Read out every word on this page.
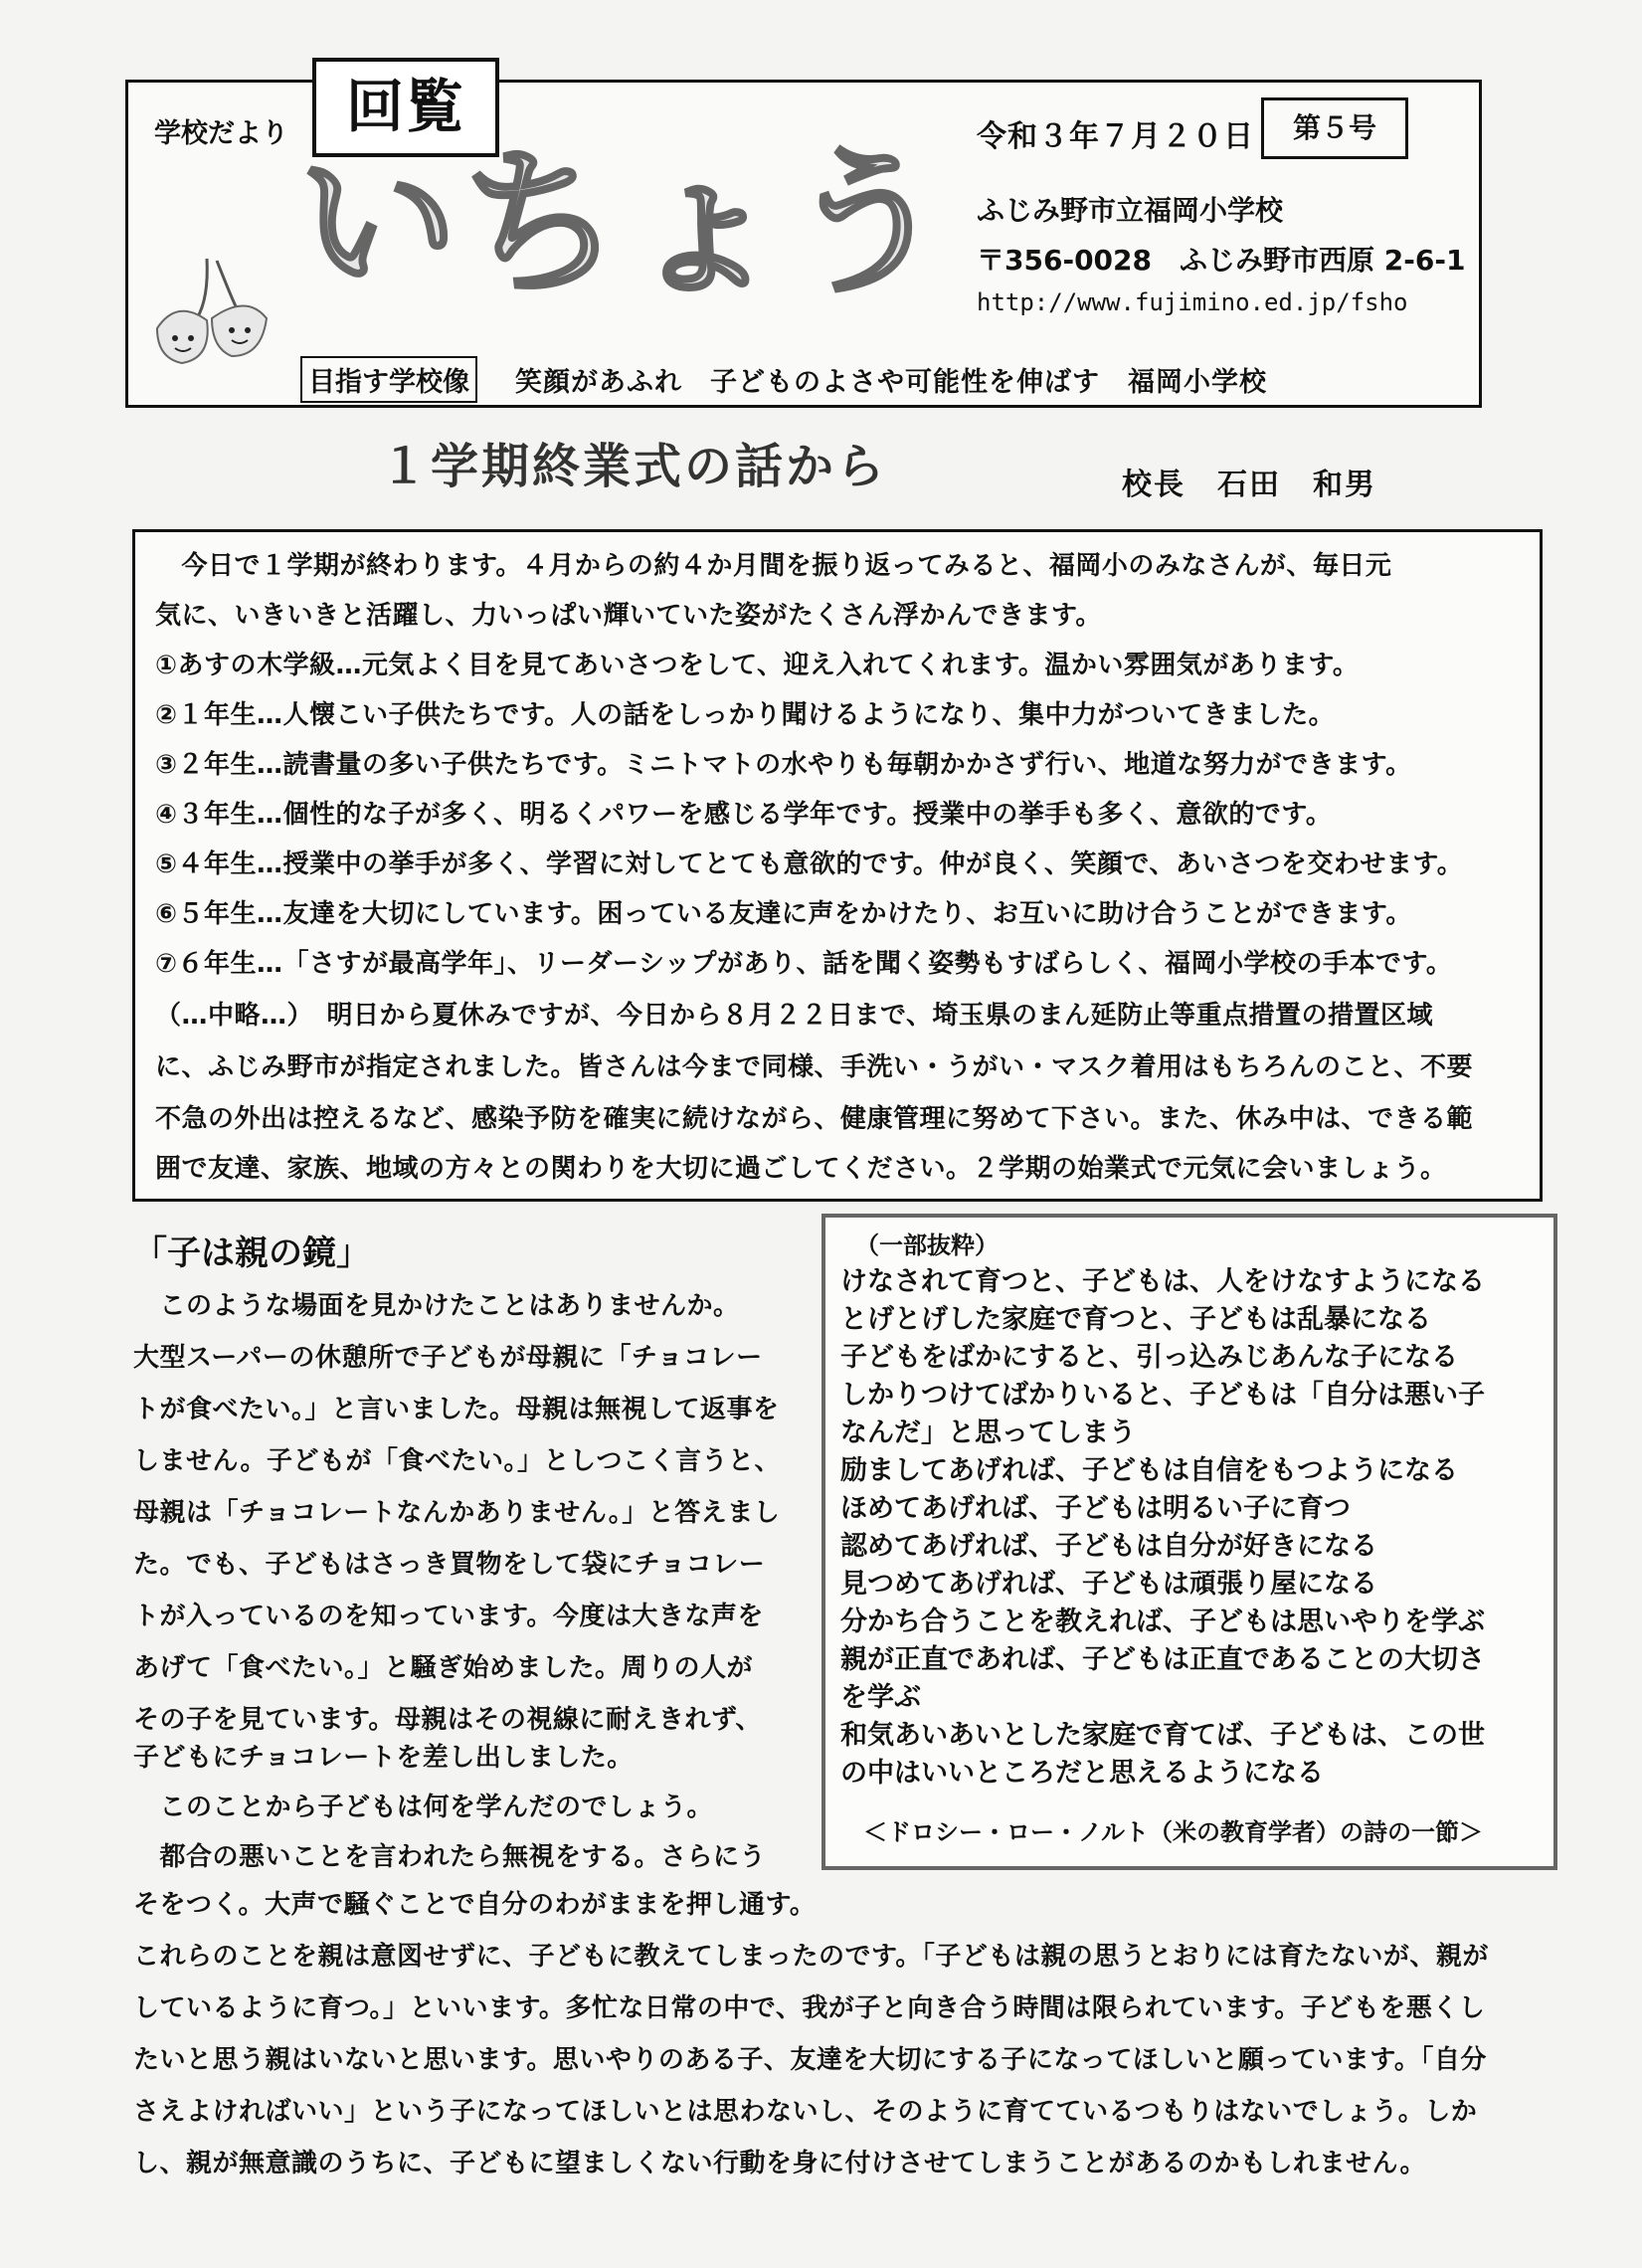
学校だより 回覧
いちょう 令和３年７月２０日	第５号
ふじみ野市立福岡小学校
〒356-0028　ふじみ野市西原 2-6-1
http://www.fujimino.ed.jp/fsho
目指す学校像 笑顔があふれ　子どものよさや可能性を伸ばす　福岡小学校
１学期終業式の話から	校長　石田　和男
　今日で１学期が終わります。４月からの約４か月間を振り返ってみると、福岡小のみなさんが、毎日元
気に、いきいきと活躍し、力いっぱい輝いていた姿がたくさん浮かんできます。
①あすの木学級…元気よく目を見てあいさつをして、迎え入れてくれます。温かい雰囲気があります。
②１年生…人懐こい子供たちです。人の話をしっかり聞けるようになり、集中力がついてきました。
③２年生…読書量の多い子供たちです。ミニトマトの水やりも毎朝かかさず行い、地道な努力ができます。
④３年生…個性的な子が多く、明るくパワーを感じる学年です。授業中の挙手も多く、意欲的です。
⑤４年生…授業中の挙手が多く、学習に対してとても意欲的です。仲が良く、笑顔で、あいさつを交わせます。
⑥５年生…友達を大切にしています。困っている友達に声をかけたり、お互いに助け合うことができます。
⑦６年生…「さすが最高学年」、リーダーシップがあり、話を聞く姿勢もすばらしく、福岡小学校の手本です。
（…中略…）　明日から夏休みですが、今日から８月２２日まで、埼玉県のまん延防止等重点措置の措置区域
に、ふじみ野市が指定されました。皆さんは今まで同様、手洗い・うがい・マスク着用はもちろんのこと、不要
不急の外出は控えるなど、感染予防を確実に続けながら、健康管理に努めて下さい。また、休み中は、できる範
囲で友達、家族、地域の方々との関わりを大切に過ごしてください。２学期の始業式で元気に会いましょう。
「子は親の鏡」
　このような場面を見かけたことはありませんか。
大型スーパーの休憩所で子どもが母親に「チョコレー
トが食べたい。」と言いました。母親は無視して返事を
しません。子どもが「食べたい。」としつこく言うと、
母親は「チョコレートなんかありません。」と答えまし
た。でも、子どもはさっき買物をして袋にチョコレー
トが入っているのを知っています。今度は大きな声を
あげて「食べたい。」と騒ぎ始めました。周りの人が
その子を見ています。母親はその視線に耐えきれず、
子どもにチョコレートを差し出しました。
　このことから子どもは何を学んだのでしょう。
　都合の悪いことを言われたら無視をする。さらにう
そをつく。大声で騒ぐことで自分のわがままを押し通す。
（一部抜粋）
けなされて育つと、子どもは、人をけなすようになる
とげとげした家庭で育つと、子どもは乱暴になる
子どもをばかにすると、引っ込みじあんな子になる
しかりつけてばかりいると、子どもは「自分は悪い子
なんだ」と思ってしまう
励ましてあげれば、子どもは自信をもつようになる
ほめてあげれば、子どもは明るい子に育つ
認めてあげれば、子どもは自分が好きになる
見つめてあげれば、子どもは頑張り屋になる
分かち合うことを教えれば、子どもは思いやりを学ぶ
親が正直であれば、子どもは正直であることの大切さ
を学ぶ
和気あいあいとした家庭で育てば、子どもは、この世
の中はいいところだと思えるようになる
＜ドロシー・ロー・ノルト（米の教育学者）の詩の一節＞
これらのことを親は意図せずに、子どもに教えてしまったのです。「子どもは親の思うとおりには育たないが、親が
しているように育つ。」といいます。多忙な日常の中で、我が子と向き合う時間は限られています。子どもを悪くし
たいと思う親はいないと思います。思いやりのある子、友達を大切にする子になってほしいと願っています。「自分
さえよければいい」という子になってほしいとは思わないし、そのように育てているつもりはないでしょう。しか
し、親が無意識のうちに、子どもに望ましくない行動を身に付けさせてしまうことがあるのかもしれません。
